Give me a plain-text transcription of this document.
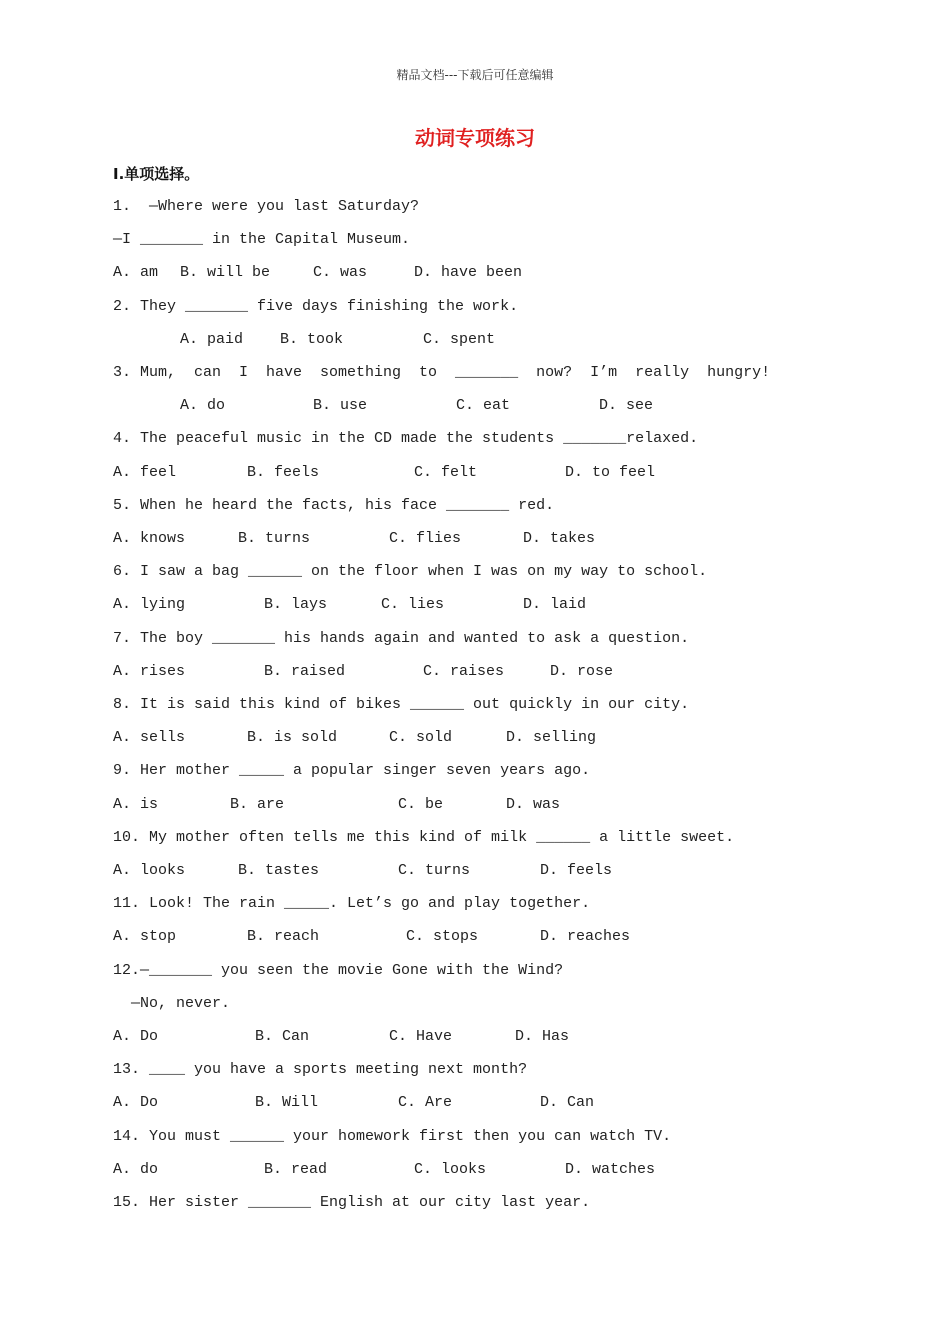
精品文档---下载后可任意编辑
动词专项练习
I.单项选择。
1.  —Where were you last Saturday?
—I _______ in the Capital Museum.
A. am B. will be	C. was	D. have been
2. They _______ five days finishing the work.
A. paid B. took	C. spent
3. Mum,  can  I  have  something  to  _______  now?  I’m  really  hungry!
A. do	B. use	C. eat	D. see
4. The peaceful music in the CD made the students _______relaxed.
A. feel	B. feels	C. felt	D. to feel
5. When he heard the facts, his face _______ red.
A. knows	B. turns	C. flies	D. takes
6. I saw a bag ______ on the floor when I was on my way to school.
A. lying	B. lays	C. lies	D. laid
7. The boy _______ his hands again and wanted to ask a question.
A. rises	B. raised	C. raises	D. rose
8. It is said this kind of bikes ______ out quickly in our city.
A. sells	B. is sold	C. sold	D. selling
9. Her mother _____ a popular singer seven years ago.
A. is	B. are	C. be	D. was
10. My mother often tells me this kind of milk ______ a little sweet.
A. looks	B. tastes	C. turns	D. feels
11. Look! The rain _____. Let’s go and play together.
A. stop	B. reach	C. stops	D. reaches
12.—_______ you seen the movie Gone with the Wind?
—No, never.
A. Do	B. Can	C. Have	D. Has
13. ____ you have a sports meeting next month?
A. Do	B. Will	C. Are	D. Can
14. You must ______ your homework first then you can watch TV.
A. do	B. read	C. looks	D. watches
15. Her sister _______ English at our city last year.
